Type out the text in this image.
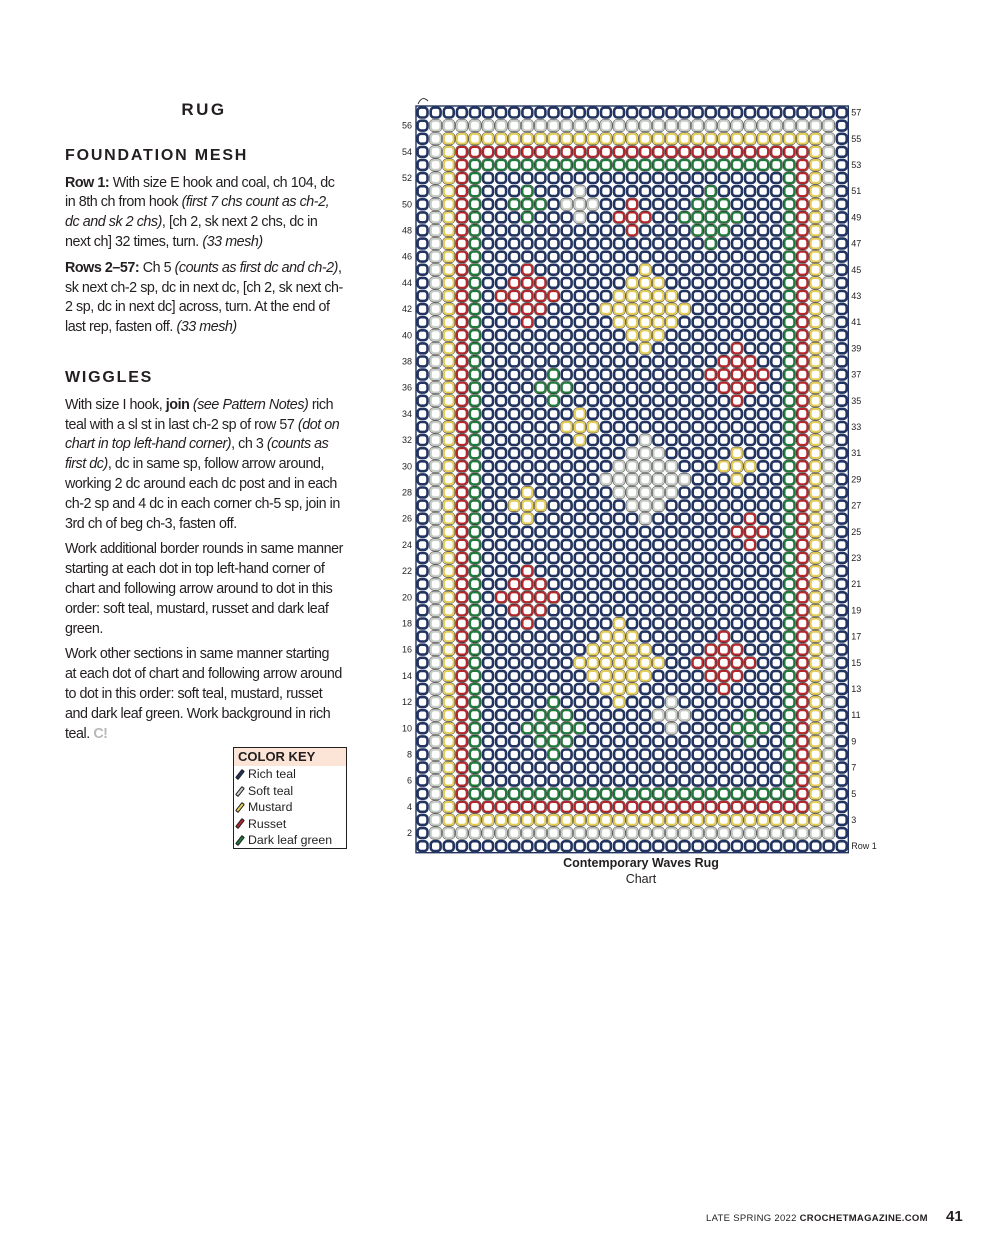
RUG
FOUNDATION MESH

Row 1: With size E hook and coal, ch 104, dc in 8th ch from hook (first 7 chs count as ch-2, dc and sk 2 chs), [ch 2, sk next 2 chs, dc in next ch] 32 times, turn. (33 mesh)

Rows 2–57: Ch 5 (counts as first dc and ch-2), sk next ch-2 sp, dc in next dc, [ch 2, sk next ch-2 sp, dc in next dc] across, turn. At the end of last rep, fasten off. (33 mesh)

WIGGLES

With size I hook, join (see Pattern Notes) rich teal with a sl st in last ch-2 sp of row 57 (dot on chart in top left-hand corner), ch 3 (counts as first dc), dc in same sp, follow arrow around, working 2 dc around each dc post and in each ch-2 sp and 4 dc in each corner ch-5 sp, join in 3rd ch of beg ch-3, fasten off.

Work additional border rounds in same manner starting at each dot in top left-hand corner of chart and following arrow around to dot in this order: soft teal, mustard, russet and dark leaf green.

Work other sections in same manner starting at each dot of chart and following arrow around to dot in this order: soft teal, mustard, russet and dark leaf green. Work background in rich teal. C!

COLOR KEY
Rich teal
Soft teal
Mustard
Russet
Dark leaf green	2
4
6
8
10
12
14
16
18
20
22
24
26
28
30
32
34
36
38
40
42
44
46
48
50
52
54
56
Row 1
3
5
7
9
11
13
15
17
19
21
23
25
27
29
31
33
35
37
39
41
43
45
47
49
51
53
55
57
Contemporary Waves Rug
Chart
LATE SPRING 2022 CROCHETMAGAZINE.COM 41
